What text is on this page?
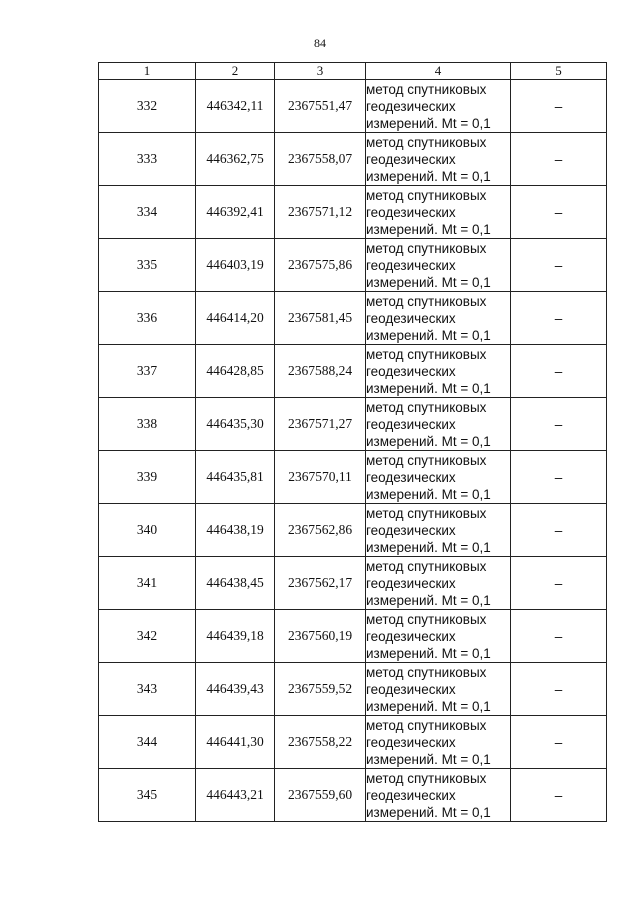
84
1	2	3	4	5
332	446342,11	2367551,47	метод спутниковых
геодезических
измерений. Mt = 0,1	–
333	446362,75	2367558,07	метод спутниковых
геодезических
измерений. Mt = 0,1	–
334	446392,41	2367571,12	метод спутниковых
геодезических
измерений. Mt = 0,1	–
335	446403,19	2367575,86	метод спутниковых
геодезических
измерений. Mt = 0,1	–
336	446414,20	2367581,45	метод спутниковых
геодезических
измерений. Mt = 0,1	–
337	446428,85	2367588,24	метод спутниковых
геодезических
измерений. Mt = 0,1	–
338	446435,30	2367571,27	метод спутниковых
геодезических
измерений. Mt = 0,1	–
339	446435,81	2367570,11	метод спутниковых
геодезических
измерений. Mt = 0,1	–
340	446438,19	2367562,86	метод спутниковых
геодезических
измерений. Mt = 0,1	–
341	446438,45	2367562,17	метод спутниковых
геодезических
измерений. Mt = 0,1	–
342	446439,18	2367560,19	метод спутниковых
геодезических
измерений. Mt = 0,1	–
343	446439,43	2367559,52	метод спутниковых
геодезических
измерений. Mt = 0,1	–
344	446441,30	2367558,22	метод спутниковых
геодезических
измерений. Mt = 0,1	–
345	446443,21	2367559,60	метод спутниковых
геодезических
измерений. Mt = 0,1	–
